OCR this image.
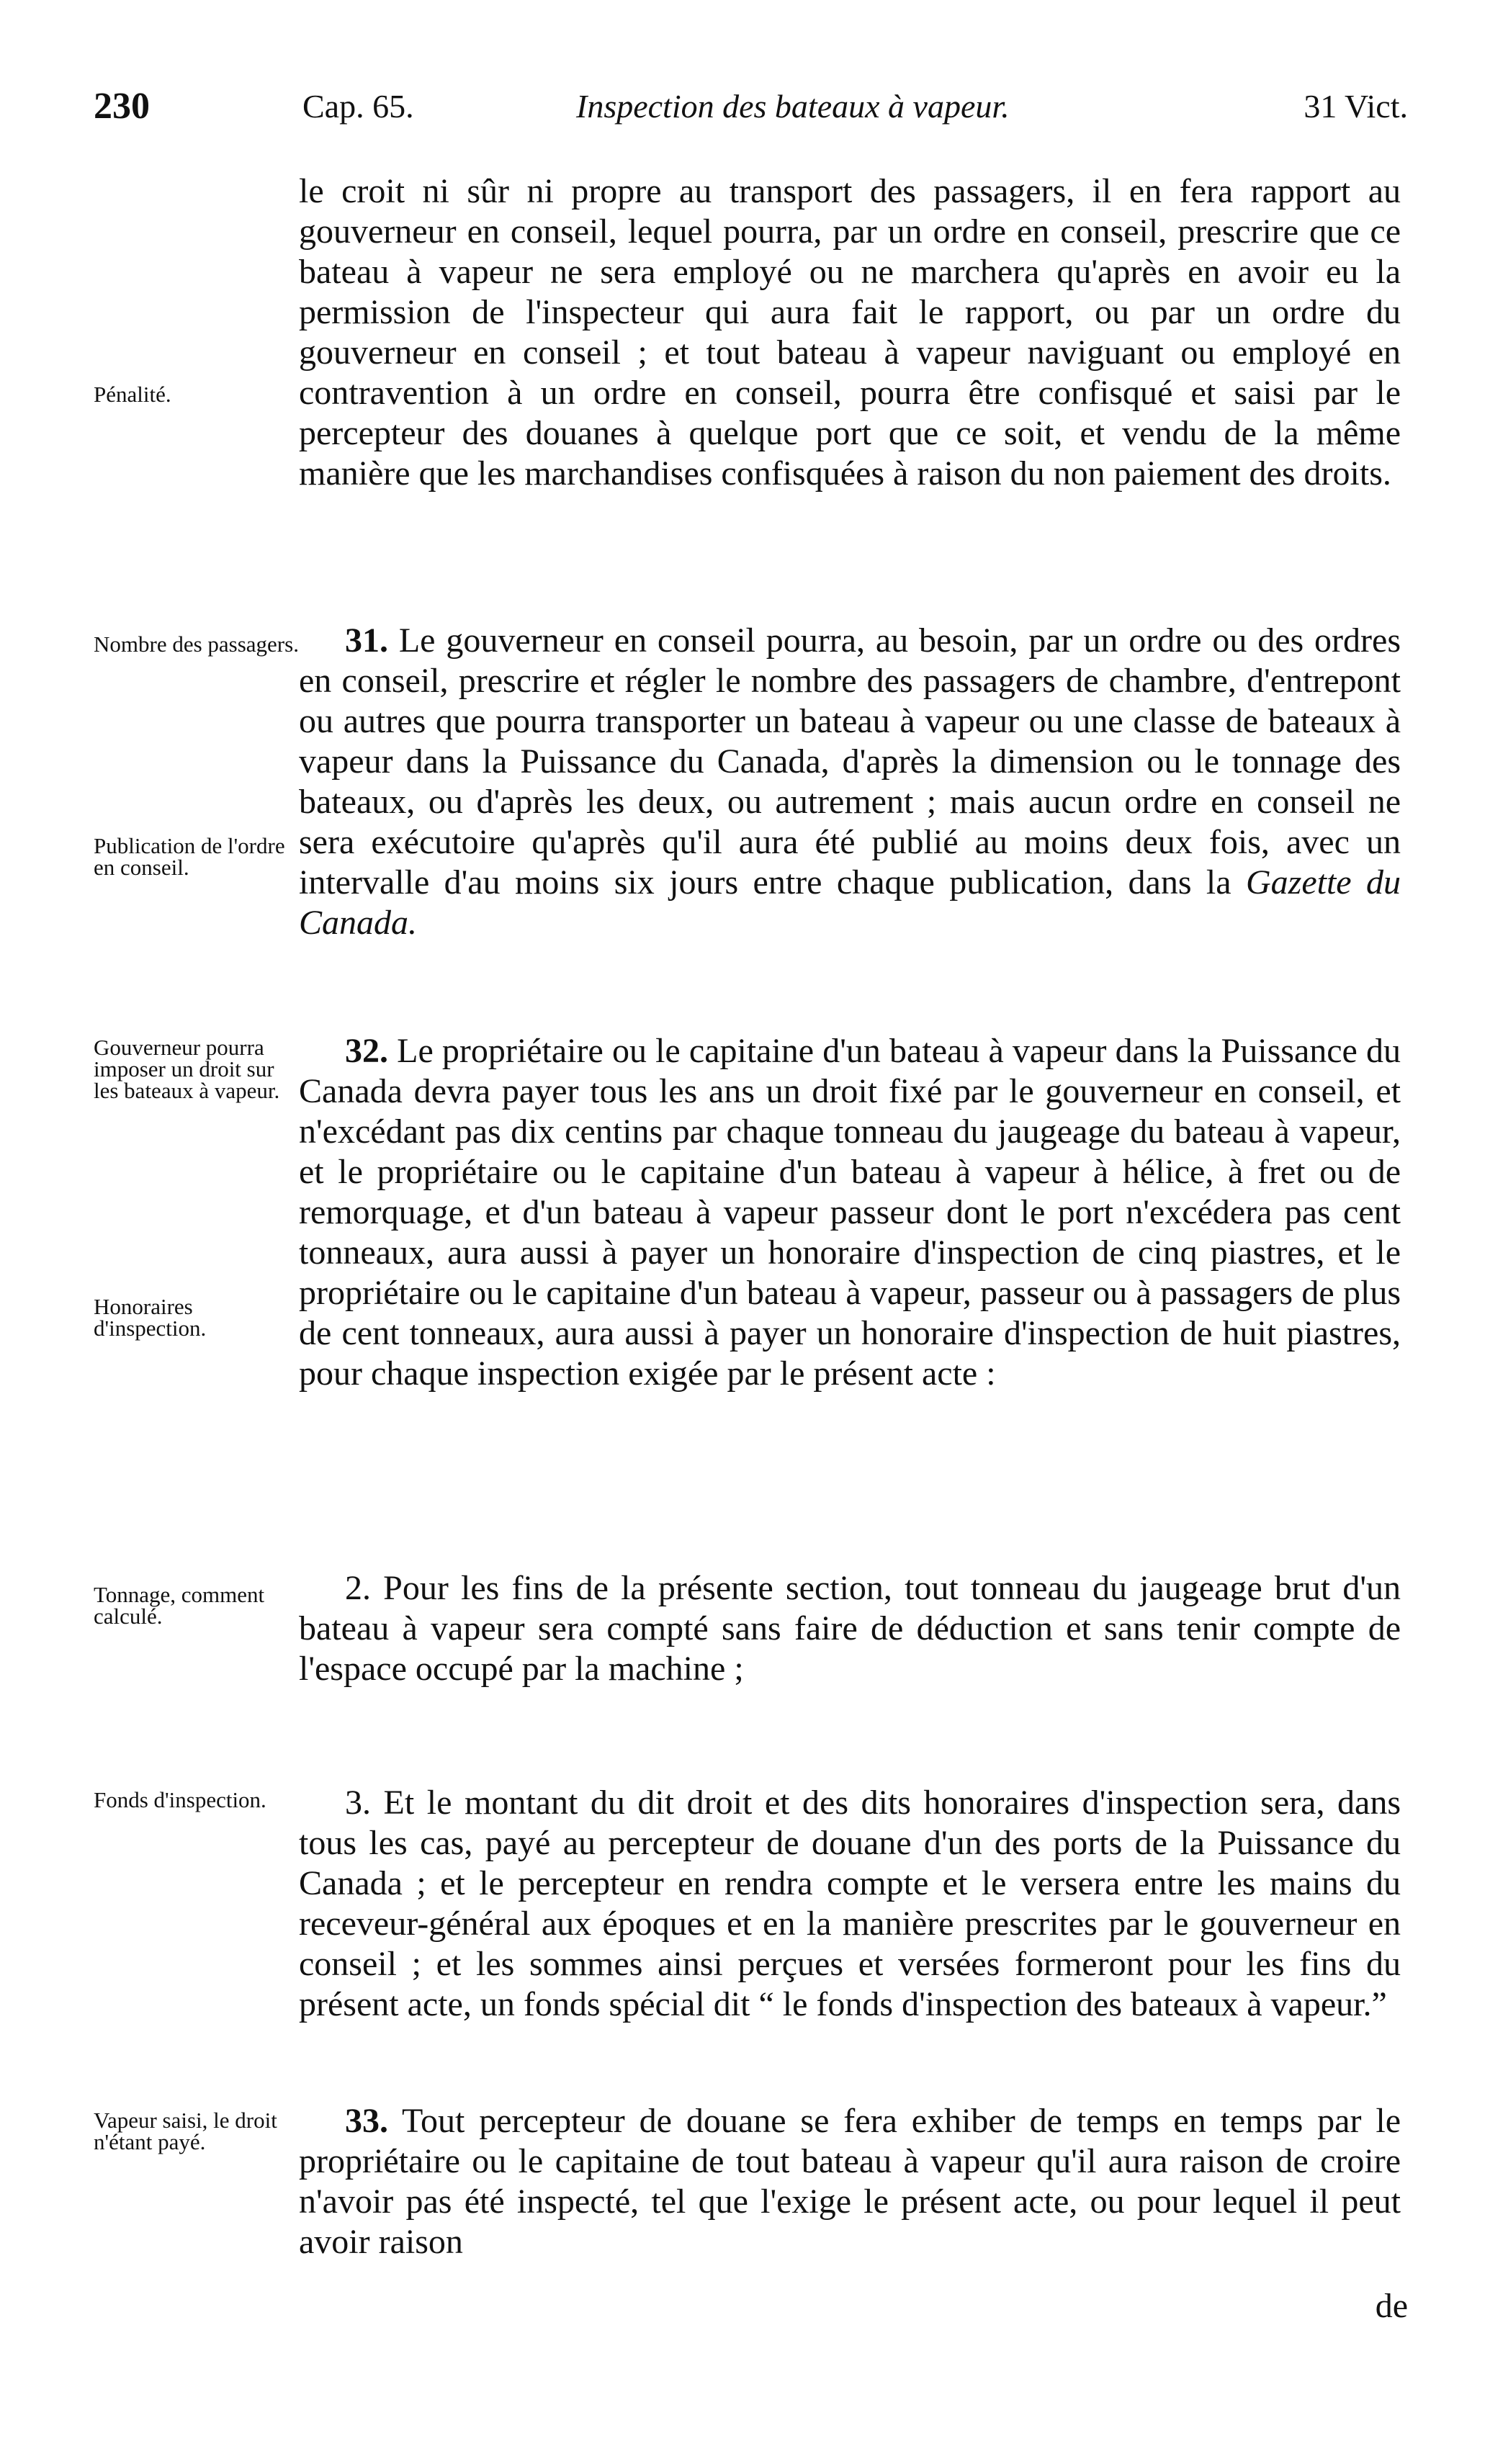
230	Cap. 65.	Inspection des bateaux à vapeur.	31 Vict.
Pénalité.
Nombre des passagers.
Publication de l'ordre en conseil.
Gouverneur pourra imposer un droit sur les bateaux à vapeur.
Honoraires d'inspection.
Tonnage, comment calculé.
Fonds d'inspection.
Vapeur saisi, le droit n'étant payé.

le croit ni sûr ni propre au transport des passagers, il en fera rapport au gouverneur en conseil, lequel pourra, par un ordre en conseil, prescrire que ce bateau à vapeur ne sera employé ou ne marchera qu'après en avoir eu la permission de l'inspecteur qui aura fait le rapport, ou par un ordre du gouverneur en conseil ; et tout bateau à vapeur naviguant ou employé en contravention à un ordre en conseil, pourra être confisqué et saisi par le percepteur des douanes à quelque port que ce soit, et vendu de la même manière que les marchandises confisquées à raison du non paiement des droits.

31. Le gouverneur en conseil pourra, au besoin, par un ordre ou des ordres en conseil, prescrire et régler le nombre des passagers de chambre, d'entrepont ou autres que pourra transporter un bateau à vapeur ou une classe de bateaux à vapeur dans la Puissance du Canada, d'après la dimension ou le tonnage des bateaux, ou d'après les deux, ou autrement ; mais aucun ordre en conseil ne sera exécutoire qu'après qu'il aura été publié au moins deux fois, avec un intervalle d'au moins six jours entre chaque publication, dans la Gazette du Canada.

32. Le propriétaire ou le capitaine d'un bateau à vapeur dans la Puissance du Canada devra payer tous les ans un droit fixé par le gouverneur en conseil, et n'excédant pas dix centins par chaque tonneau du jaugeage du bateau à vapeur, et le propriétaire ou le capitaine d'un bateau à vapeur à hélice, à fret ou de remorquage, et d'un bateau à vapeur passeur dont le port n'excédera pas cent tonneaux, aura aussi à payer un honoraire d'inspection de cinq piastres, et le propriétaire ou le capitaine d'un bateau à vapeur, passeur ou à passagers de plus de cent tonneaux, aura aussi à payer un honoraire d'inspection de huit piastres, pour chaque inspection exigée par le présent acte :

2. Pour les fins de la présente section, tout tonneau du jaugeage brut d'un bateau à vapeur sera compté sans faire de déduction et sans tenir compte de l'espace occupé par la machine ;

3. Et le montant du dit droit et des dits honoraires d'inspection sera, dans tous les cas, payé au percepteur de douane d'un des ports de la Puissance du Canada ; et le percepteur en rendra compte et le versera entre les mains du receveur-général aux époques et en la manière prescrites par le gouverneur en conseil ; et les sommes ainsi perçues et versées formeront pour les fins du présent acte, un fonds spécial dit “ le fonds d'inspection des bateaux à vapeur.”

33. Tout percepteur de douane se fera exhiber de temps en temps par le propriétaire ou le capitaine de tout bateau à vapeur qu'il aura raison de croire n'avoir pas été inspecté, tel que l'exige le présent acte, ou pour lequel il peut avoir raison

de
